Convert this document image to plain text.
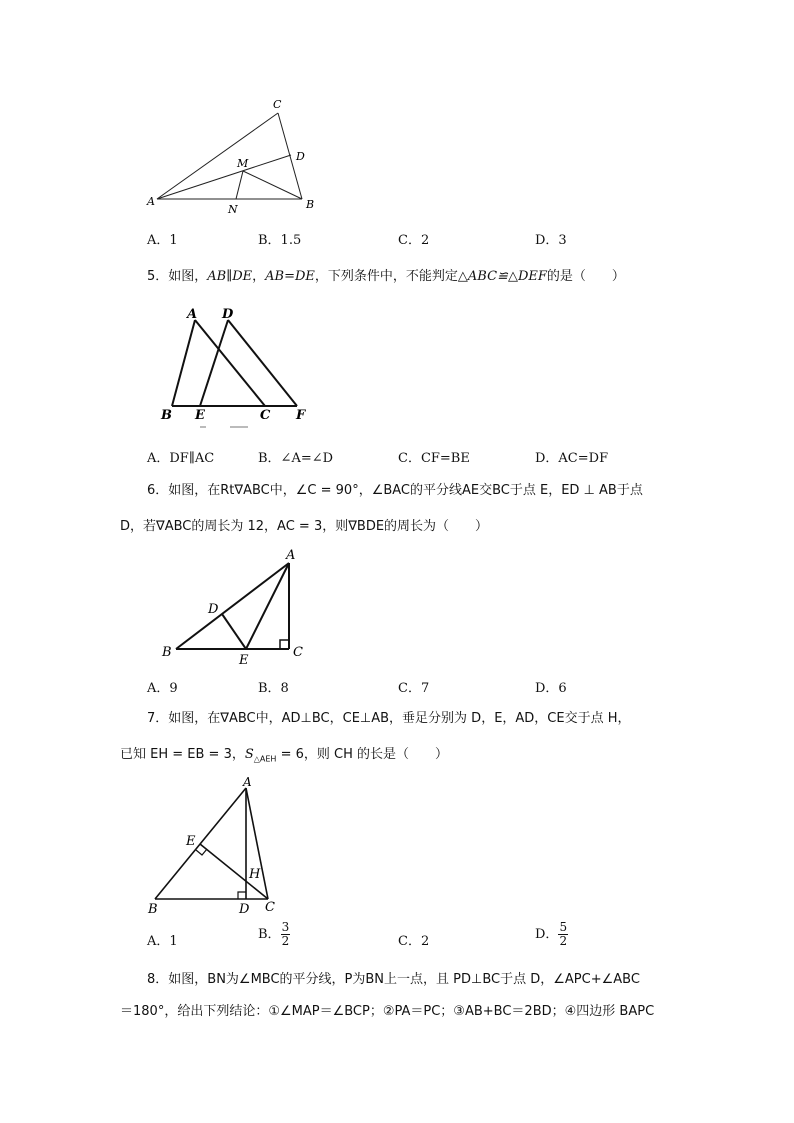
C
D
M
A
N	B
A．1	B．1.5	C．2	D．3
5．如图，AB∥DE，AB=DE，下列条件中，不能判定△ABC≌△DEF的是（　　）
A D
B E	C F
A．DF∥AC	B．∠A=∠D	C．CF=BE	D．AC=DF
6．如图，在Rt∇ABC中，∠C = 90°，∠BAC的平分线AE交BC于点 E，ED ⊥ AB于点
D，若∇ABC的周长为 12，AC = 3，则∇BDE的周长为（　　）
A
D
B
E
C
A．9	B．8	C．7	D．6
7．如图，在∇ABC中，AD⊥BC，CE⊥AB，垂足分别为 D，E，AD，CE交于点 H，
已知 EH = EB = 3，$S_{\triangle AEH} = 6$，则 CH 的长是（　　）
A
E
H
B	D C
A．1	B． $\frac{3}{2}$	C．2	D． $\frac{5}{2}$
8．如图，BN为∠MBC的平分线，P为BN上一点，且 PD⊥BC于点 D，∠APC+∠ABC
＝180°，给出下列结论：①∠MAP＝∠BCP；②PA＝PC；③AB+BC＝2BD；④四边形 BAPC
